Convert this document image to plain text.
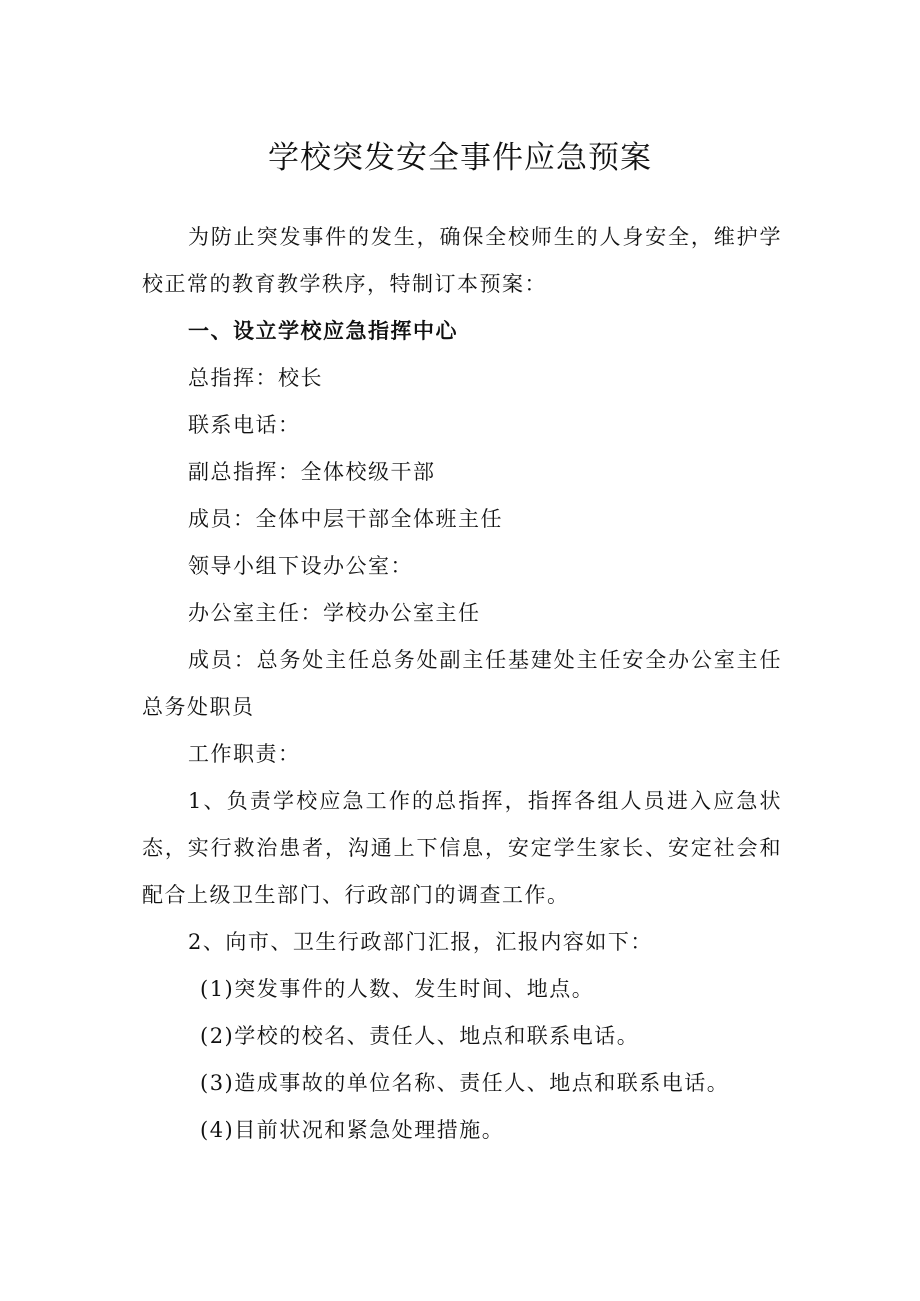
学校突发安全事件应急预案

为防止突发事件的发生，确保全校师生的人身安全，维护学校正常的教育教学秩序，特制订本预案：

一、设立学校应急指挥中心

总指挥：校长

联系电话：

副总指挥：全体校级干部

成员：全体中层干部全体班主任

领导小组下设办公室：

办公室主任：学校办公室主任

成员：总务处主任总务处副主任基建处主任安全办公室主任总务处职员

工作职责：

1、负责学校应急工作的总指挥，指挥各组人员进入应急状态，实行救治患者，沟通上下信息，安定学生家长、安定社会和配合上级卫生部门、行政部门的调查工作。

2、向市、卫生行政部门汇报，汇报内容如下：

(1)突发事件的人数、发生时间、地点。

(2)学校的校名、责任人、地点和联系电话。

(3)造成事故的单位名称、责任人、地点和联系电话。

(4)目前状况和紧急处理措施。
